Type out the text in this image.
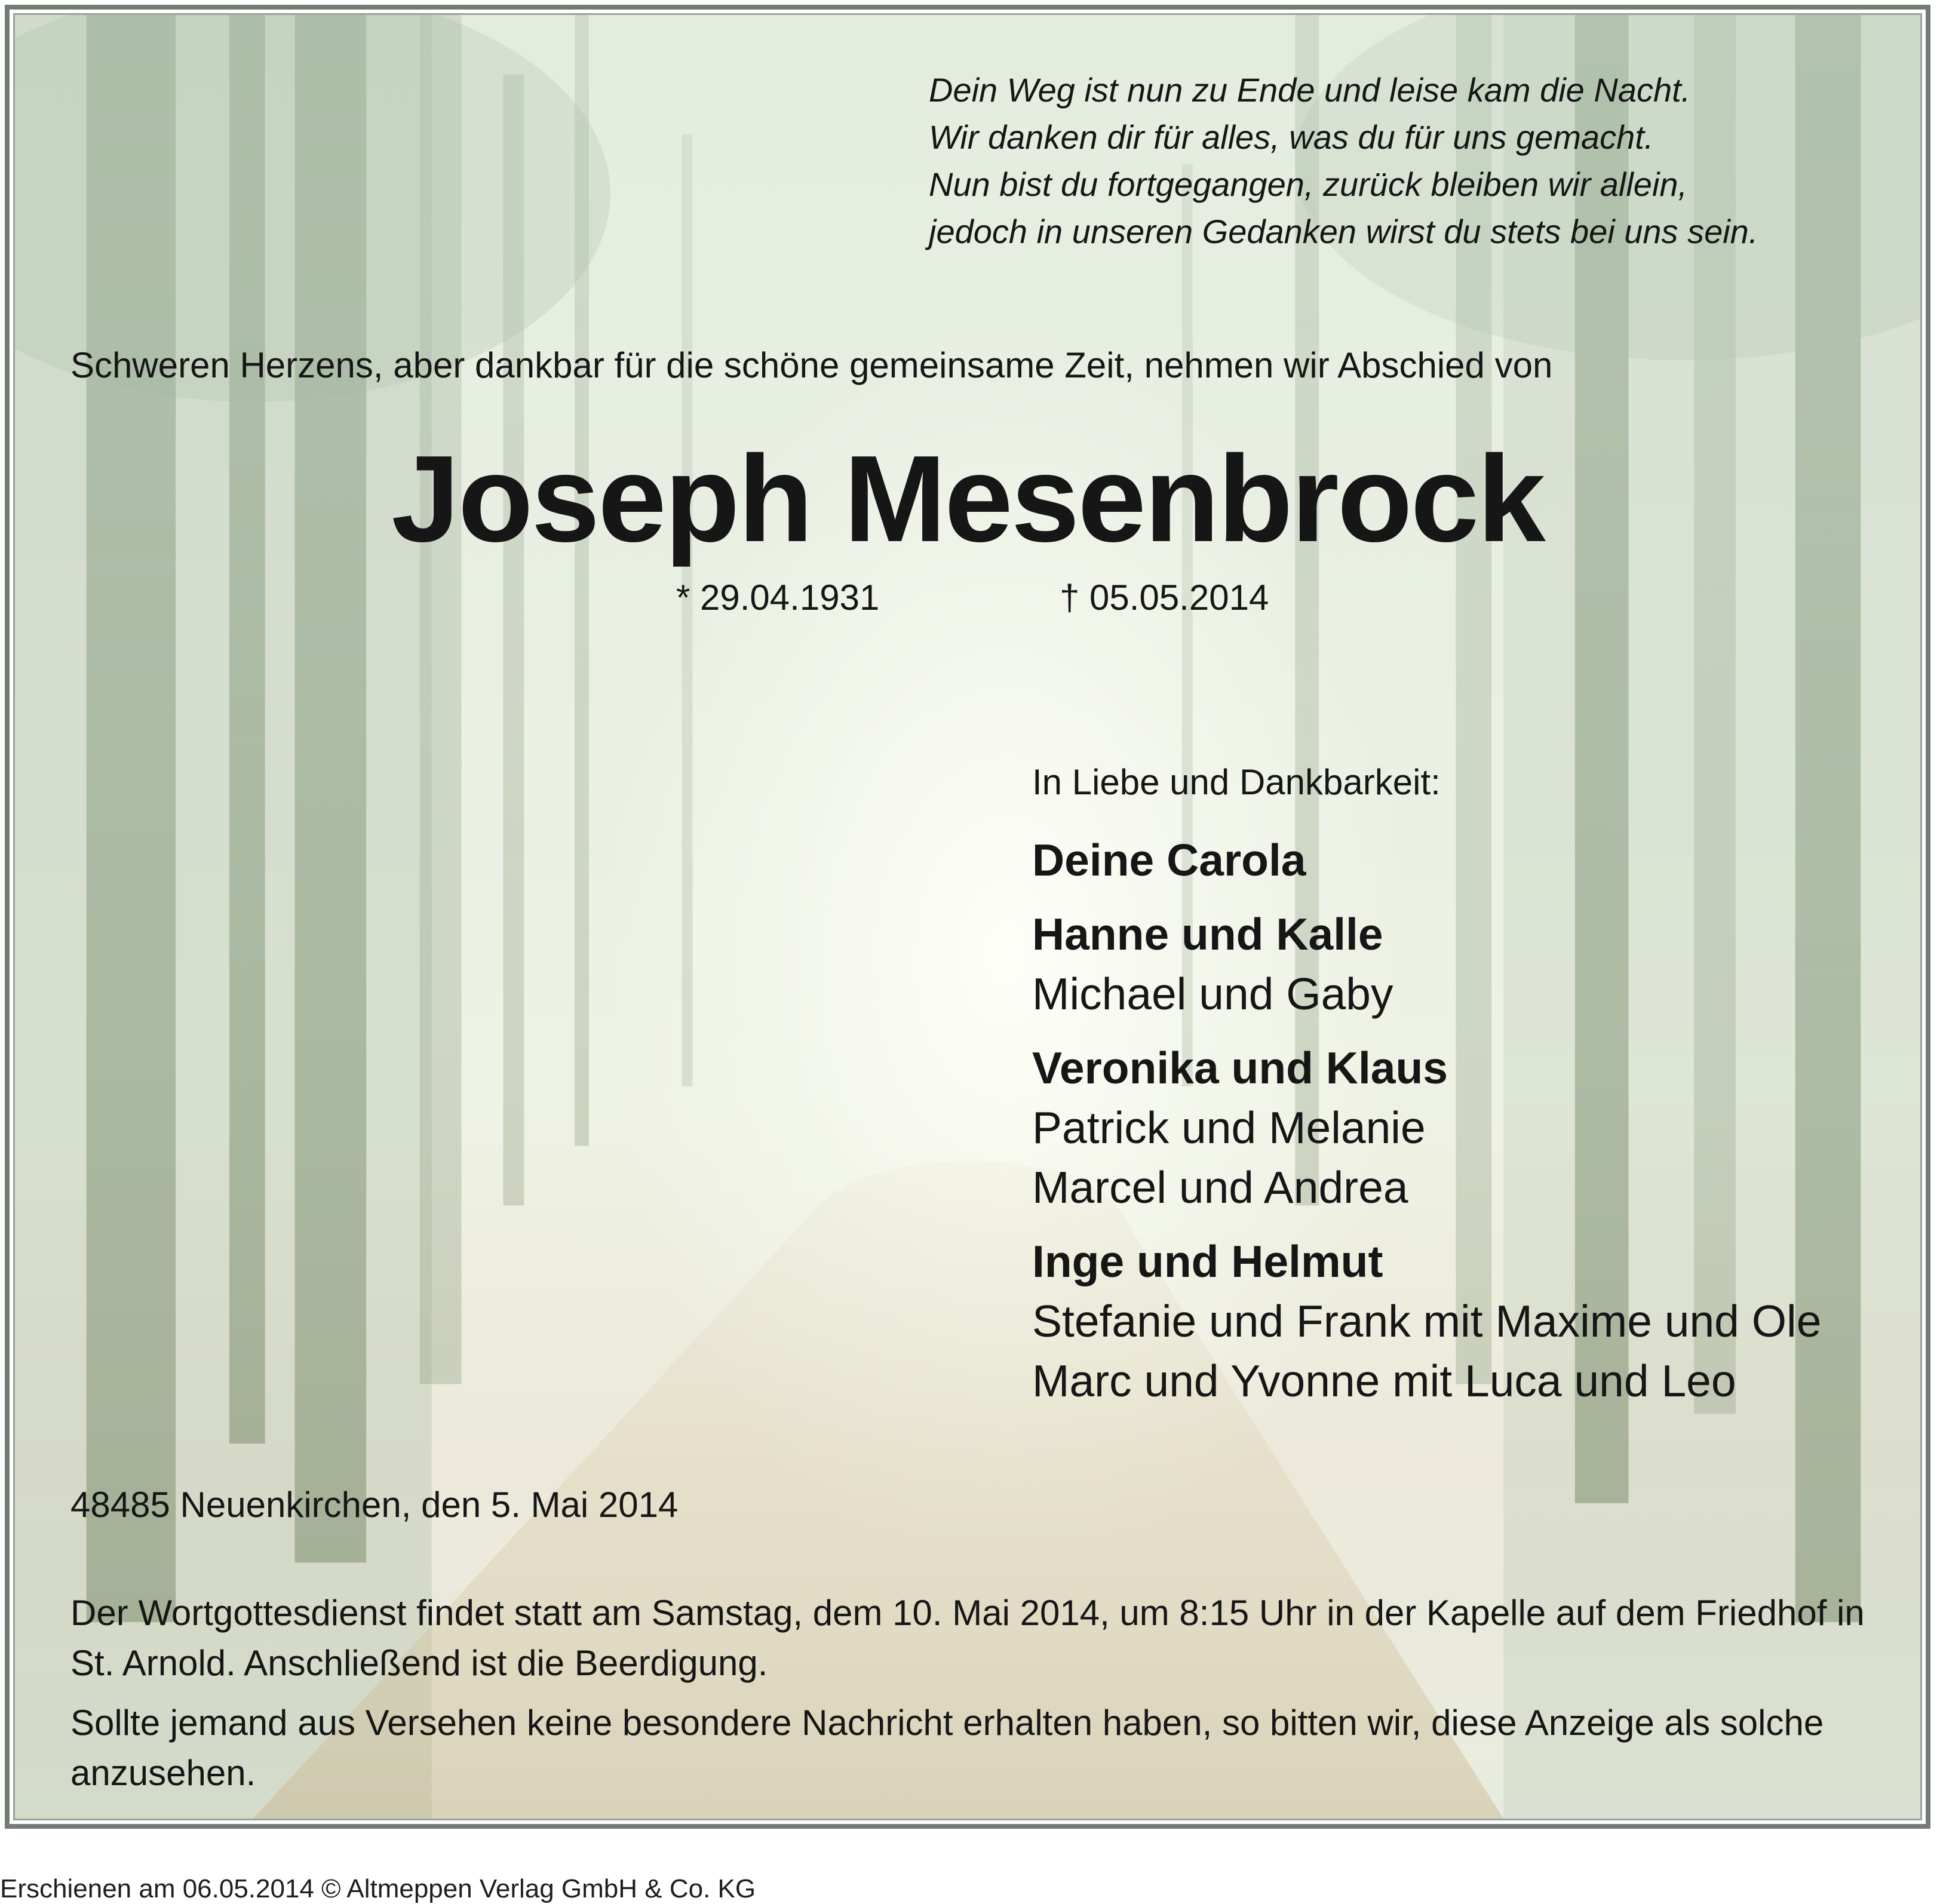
Dein Weg ist nun zu Ende und leise kam die Nacht.
Wir danken dir für alles, was du für uns gemacht.
Nun bist du fortgegangen, zurück bleiben wir allein,
jedoch in unseren Gedanken wirst du stets bei uns sein.
Schweren Herzens, aber dankbar für die schöne gemeinsame Zeit, nehmen wir Abschied von
Joseph Mesenbrock
* 29.04.1931	† 05.05.2014
In Liebe und Dankbarkeit:
Deine Carola
Hanne und Kalle
Michael und Gaby
Veronika und Klaus
Patrick und Melanie
Marcel und Andrea
Inge und Helmut
Stefanie und Frank mit Maxime und Ole
Marc und Yvonne mit Luca und Leo
48485 Neuenkirchen, den 5. Mai 2014

Der Wortgottesdienst findet statt am Samstag, dem 10. Mai 2014, um 8:15 Uhr in der Kapelle auf dem Friedhof in St. Arnold. Anschließend ist die Beerdigung.

Sollte jemand aus Versehen keine besondere Nachricht erhalten haben, so bitten wir, diese Anzeige als solche anzusehen.

Erschienen am 06.05.2014 © Altmeppen Verlag GmbH & Co. KG
